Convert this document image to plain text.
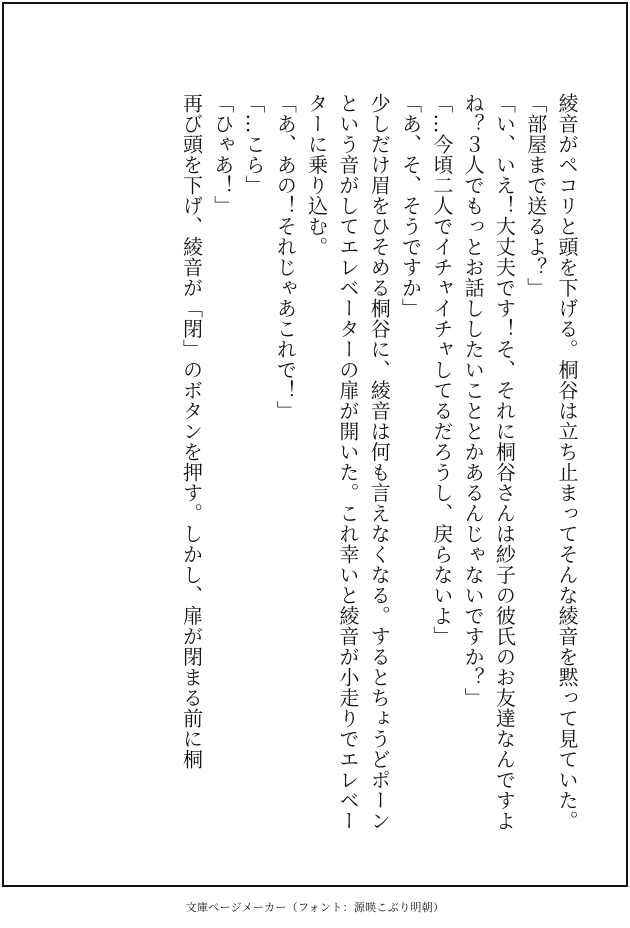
綾音がペコリと頭を下げる。桐谷は立ち止まってそんな綾音を黙って見ていた。
「部屋まで送るよ？」
「い、いえ！大丈夫です！そ、それに桐谷さんは紗子の彼氏のお友達なんですよね？３人でもっとお話ししたいこととかあるんじゃないですか？」
「…今頃二人でイチャイチャしてるだろうし、戻らないよ」
「あ、そ、そうですか」
少しだけ眉をひそめる桐谷に、綾音は何も言えなくなる。するとちょうどポーンという音がしてエレベーターの扉が開いた。これ幸いと綾音が小走りでエレベーターに乗り込む。
「あ、あの！それじゃあこれで！」
「…こら」
「ひゃあ！」
再び頭を下げ、綾音が「閉」のボタンを押す。しかし、扉が閉まる前に桐
文庫ページメーカー（フォント：源暎こぶり明朝）
